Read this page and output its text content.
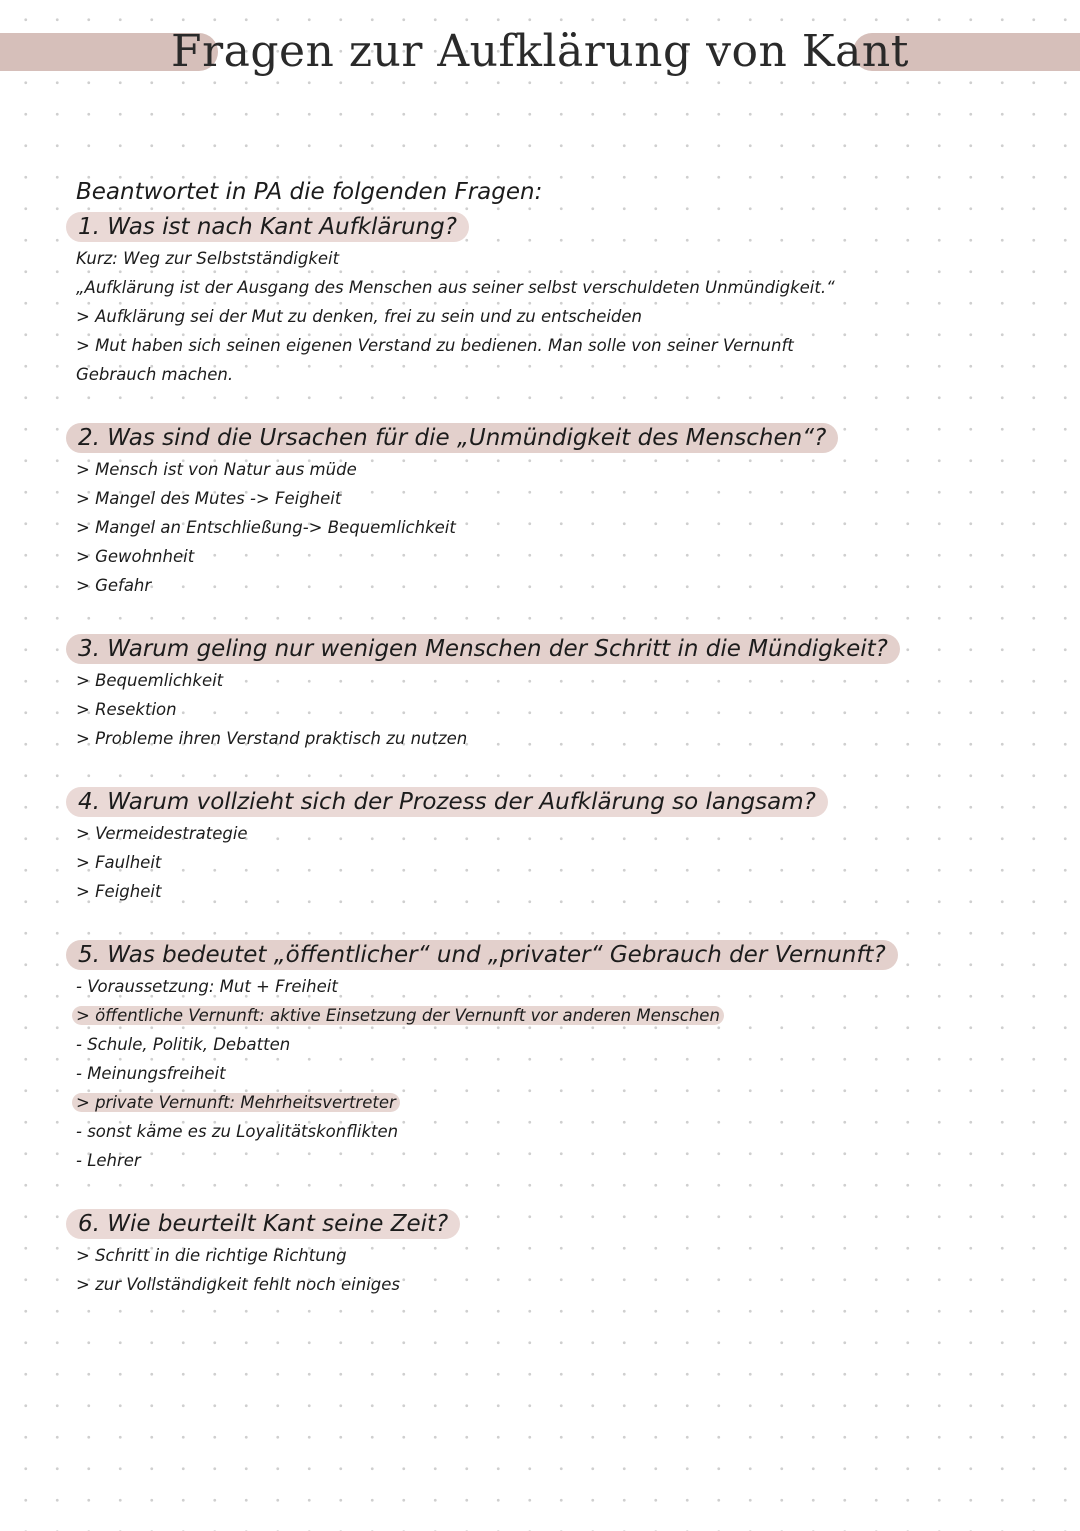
Fragen zur Aufklärung von Kant
Beantwortet in PA die folgenden Fragen:
1. Was ist nach Kant Aufklärung?
Kurz: Weg zur Selbstständigkeit
„Aufklärung ist der Ausgang des Menschen aus seiner selbst verschuldeten Unmündigkeit.“
> Aufklärung sei der Mut zu denken, frei zu sein und zu entscheiden
> Mut haben sich seinen eigenen Verstand zu bedienen. Man solle von seiner Vernunft Gebrauch machen.
2. Was sind die Ursachen für die „Unmündigkeit des Menschen“?
> Mensch ist von Natur aus müde
> Mangel des Mutes -> Feigheit
> Mangel an Entschließung-> Bequemlichkeit
> Gewohnheit
> Gefahr
3. Warum geling nur wenigen Menschen der Schritt in die Mündigkeit?
> Bequemlichkeit
> Resektion
> Probleme ihren Verstand praktisch zu nutzen
4. Warum vollzieht sich der Prozess der Aufklärung so langsam?
> Vermeidestrategie
> Faulheit
> Feigheit
5. Was bedeutet „öffentlicher“ und „privater“ Gebrauch der Vernunft?
- Voraussetzung: Mut + Freiheit
> öffentliche Vernunft: aktive Einsetzung der Vernunft vor anderen Menschen
- Schule, Politik, Debatten
- Meinungsfreiheit
> private Vernunft: Mehrheitsvertreter
- sonst käme es zu Loyalitätskonflikten
- Lehrer
6. Wie beurteilt Kant seine Zeit?
> Schritt in die richtige Richtung
> zur Vollständigkeit fehlt noch einiges
